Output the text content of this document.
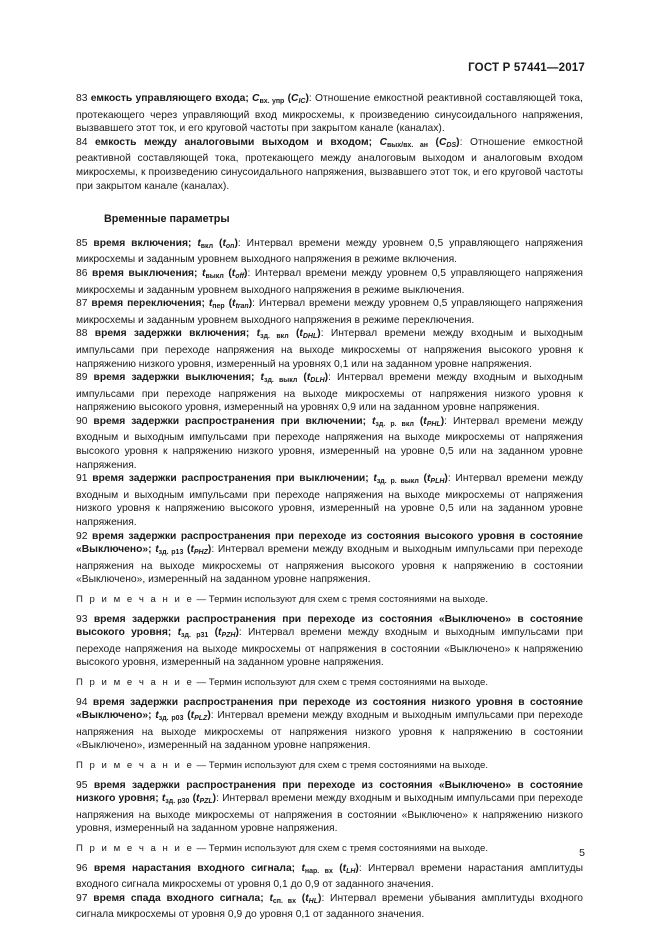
ГОСТ Р 57441—2017

83 емкость управляющего входа; $C_{вх. упр}$ (CIC): Отношение емкостной реактивной составляющей тока, протекающего через управляющий вход микросхемы, к произведению синусоидального напряжения, вызвавшего этот ток, и его круговой частоты при закрытом канале (каналах).

84 емкость между аналоговыми выходом и входом; $C_{вых/вх. ан}$ (CDS): Отношение емкостной реактивной составляющей тока, протекающего между аналоговым выходом и аналоговым входом микросхемы, к произведению синусоидального напряжения, вызвавшего этот ток, и его круговой частоты при закрытом канале (каналах).

Временные параметры

85 время включения; $t_{вкл}$ (ton): Интервал времени между уровнем 0,5 управляющего напряжения микросхемы и заданным уровнем выходного напряжения в режиме включения.

86 время выключения; $t_{выкл}$ (toff): Интервал времени между уровнем 0,5 управляющего напряжения микросхемы и заданным уровнем выходного напряжения в режиме выключения.

87 время переключения; $t_{пер}$ (ttran): Интервал времени между уровнем 0,5 управляющего напряжения микросхемы и заданным уровнем выходного напряжения в режиме переключения.

88 время задержки включения; $t_{зд. вкл}$ (tDHL): Интервал времени между входным и выходным импульсами при переходе напряжения на выходе микросхемы от напряжения высокого уровня к напряжению низкого уровня, измеренный на уровнях 0,1 или на заданном уровне напряжения.

89 время задержки выключения; $t_{зд. выкл}$ (tDLH): Интервал времени между входным и выходным импульсами при переходе напряжения на выходе микросхемы от напряжения низкого уровня к напряжению высокого уровня, измеренный на уровнях 0,9 или на заданном уровне напряжения.

90 время задержки распространения при включении; $t_{зд. р. вкл}$ (tPHL): Интервал времени между входным и выходным импульсами при переходе напряжения на выходе микросхемы от напряжения высокого уровня к напряжению низкого уровня, измеренный на уровне 0,5 или на заданном уровне напряжения.

91 время задержки распространения при выключении; $t_{зд. р. выкл}$ (tPLH): Интервал времени между входным и выходным импульсами при переходе напряжения на выходе микросхемы от напряжения низкого уровня к напряжению высокого уровня, измеренный на уровне 0,5 или на заданном уровне напряжения.

92 время задержки распространения при переходе из состояния высокого уровня в состояние «Выключено»; $t_{зд. р13}$ (tPHZ): Интервал времени между входным и выходным импульсами при переходе напряжения на выходе микросхемы от напряжения высокого уровня к напряжению в состоянии «Выключено», измеренный на заданном уровне напряжения.

П р и м е ч а н и е — Термин используют для схем с тремя состояниями на выходе.

93 время задержки распространения при переходе из состояния «Выключено» в состояние высокого уровня; $t_{зд. р31}$ (tPZH): Интервал времени между входным и выходным импульсами при переходе напряжения на выходе микросхемы от напряжения в состоянии «Выключено» к напряжению высокого уровня, измеренный на заданном уровне напряжения.

П р и м е ч а н и е — Термин используют для схем с тремя состояниями на выходе.

94 время задержки распространения при переходе из состояния низкого уровня в состояние «Выключено»; $t_{зд. р03}$ (tPLZ): Интервал времени между входным и выходным импульсами при переходе напряжения на выходе микросхемы от напряжения низкого уровня к напряжению в состоянии «Выключено», измеренный на заданном уровне напряжения.

П р и м е ч а н и е — Термин используют для схем с тремя состояниями на выходе.

95 время задержки распространения при переходе из состояния «Выключено» в состояние низкого уровня; $t_{зд. р30}$ (tPZL): Интервал времени между входным и выходным импульсами при переходе напряжения на выходе микросхемы от напряжения в состоянии «Выключено» к напряжению низкого уровня, измеренный на заданном уровне напряжения.

П р и м е ч а н и е — Термин используют для схем с тремя состояниями на выходе.

96 время нарастания входного сигнала; $t_{нар. вх}$ (tLH): Интервал времени нарастания амплитуды входного сигнала микросхемы от уровня 0,1 до 0,9 от заданного значения.

97 время спада входного сигнала; $t_{сп. вх}$ (tHL): Интервал времени убывания амплитуды входного сигнала микросхемы от уровня 0,9 до уровня 0,1 от заданного значения.

5
